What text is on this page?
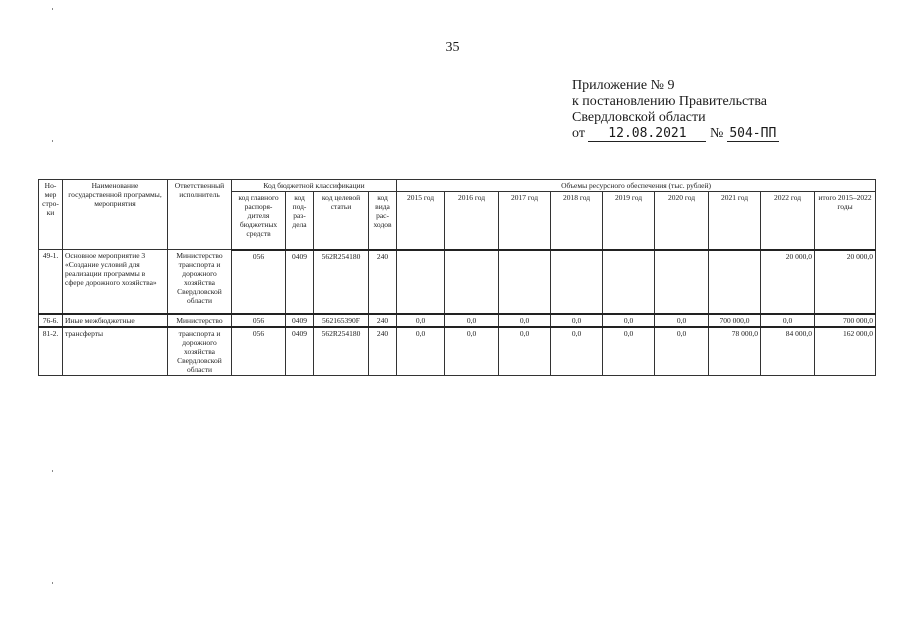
35
Приложение № 9
к постановлению Правительства
Свердловской области
от 12.08.2021 № 504-ПП
Но-мер стро-ки	Наименование государственной программы, мероприятия	Ответственный исполнитель	Код бюджетной классификации				Объемы ресурсного обеспечения (тыс. рублей)								
			код главного распоря-дителя бюджетных средств	код под-раз-дела	код целевой статьи	код вида рас-ходов	2015 год	2016 год	2017 год	2018 год	2019 год	2020 год	2021 год	2022 год	итого 2015–2022 годы
49-1.	Основное мероприятие 3 «Создание условий для реализации программы в сфере дорожного хозяйства»	Министерство транспорта и дорожного хозяйства Свердловской области	056	0409	562R254180	240								20 000,0	20 000,0
76-6.	Иные межбюджетные	Министерство	056	0409	562165390F	240	0,0	0,0	0,0	0,0	0,0	0,0	700 000,0	0,0	700 000,0
81-2.	трансферты	транспорта и дорожного хозяйства Свердловской области	056	0409	562R254180	240	0,0	0,0	0,0	0,0	0,0	0,0	78 000,0	84 000,0	162 000,0
